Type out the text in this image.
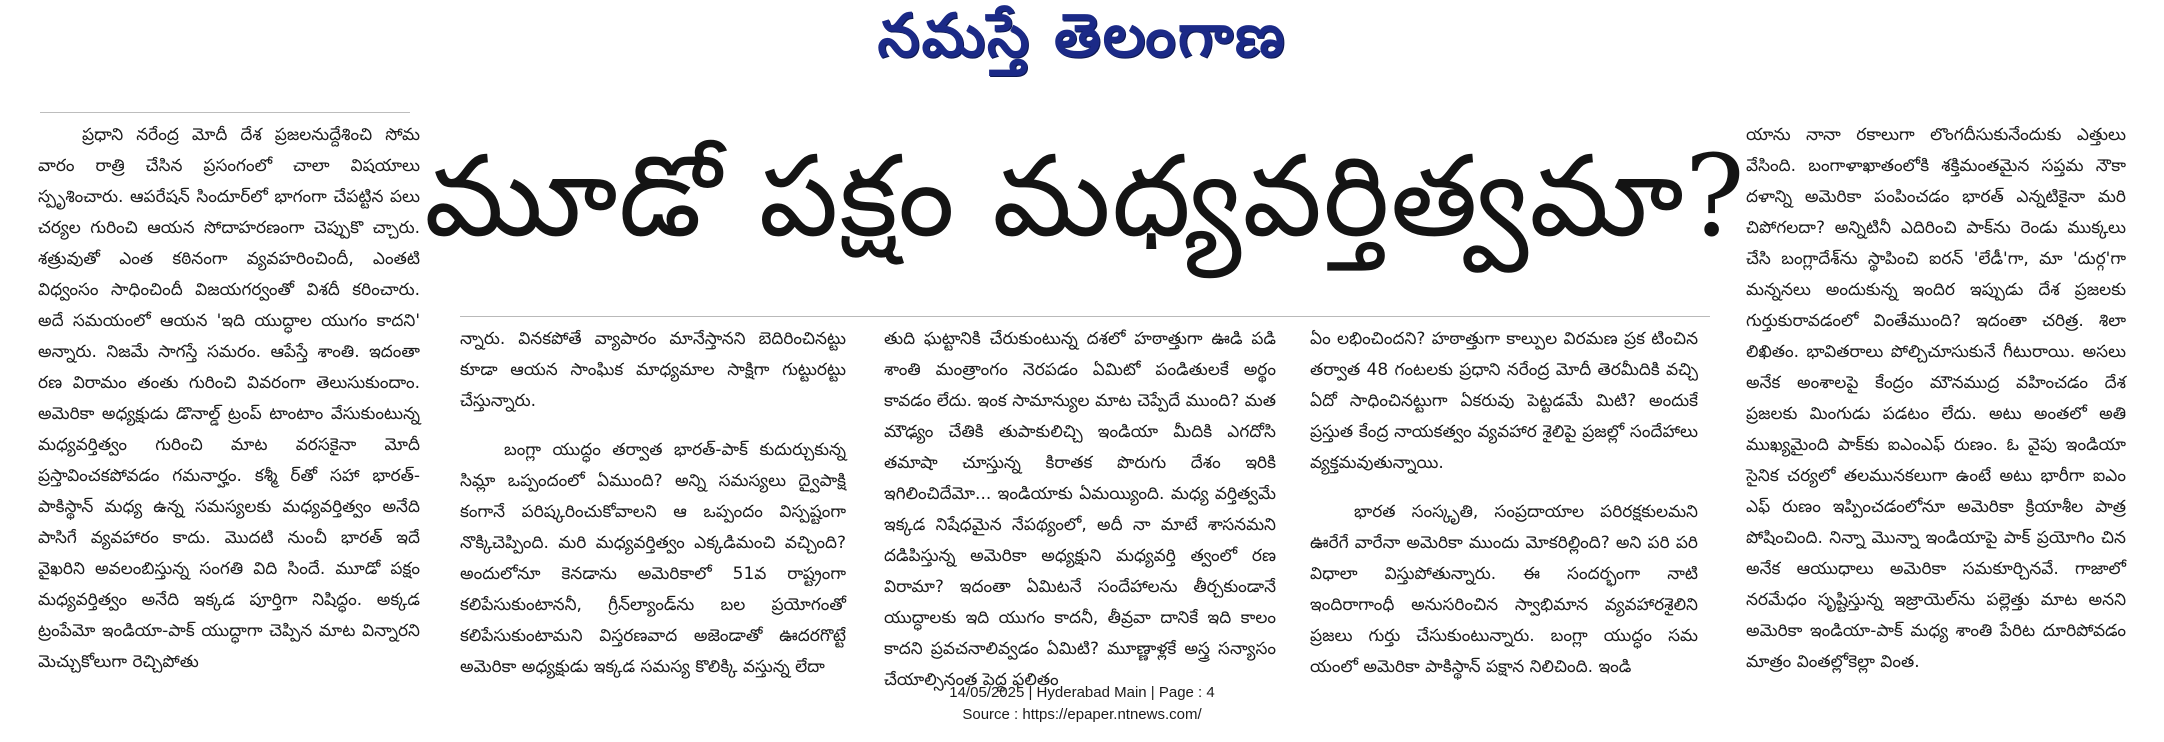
నమస్తే తెలంగాణ
మూడో పక్షం మధ్యవర్తిత్వమా?

ప్రధాని నరేంద్ర మోదీ దేశ ప్రజలనుద్దేశించి సోమ వారం రాత్రి చేసిన ప్రసంగంలో చాలా విషయాలు స్పృశించారు. ఆపరేషన్ సిందూర్‌లో భాగంగా చేపట్టిన పలు చర్యల గురించి ఆయన సోదాహరణంగా చెప్పుకొ చ్చారు. శత్రువుతో ఎంత కఠినంగా వ్యవహరించిందీ, ఎంతటి విధ్వంసం సాధించిందీ విజయగర్వంతో విశదీ కరించారు. అదే సమయంలో ఆయన 'ఇది యుద్ధాల యుగం కాదని' అన్నారు. నిజమే సాగస్తే సమరం. ఆపేస్తే శాంతి. ఇదంతా రణ విరామం తంతు గురించి వివరంగా తెలుసుకుందాం. అమెరికా అధ్యక్షుడు డొనాల్డ్ ట్రంప్ టాంటాం వేసుకుంటున్న మధ్యవర్తిత్వం గురించి మాట వరసకైనా మోదీ ప్రస్తావించకపోవడం గమనార్హం. కశ్మీ ర్‌తో సహా భారత్-పాకిస్థాన్ మధ్య ఉన్న సమస్యలకు మధ్యవర్తిత్వం అనేది పాసిగే వ్యవహారం కాదు. మొదటి నుంచీ భారత్ ఇదే వైఖరిని అవలంబిస్తున్న సంగతి విది సిందే. మూడో పక్షం మధ్యవర్తిత్వం అనేది ఇక్కడ పూర్తిగా నిషిద్ధం. అక్కడ ట్రంపేమో ఇండియా-పాక్ యుద్ధాగా చెప్పిన మాట విన్నారని మెచ్చుకోలుగా రెచ్చిపోతు

న్నారు. వినకపోతే వ్యాపారం మానేస్తానని బెదిరించినట్టు కూడా ఆయన సాంఘిక మాధ్యమాల సాక్షిగా గుట్టురట్టు చేస్తున్నారు.

బంగ్లా యుద్ధం తర్వాత భారత్-పాక్ కుదుర్చుకున్న సిమ్లా ఒప్పందంలో ఏముంది? అన్ని సమస్యలు ద్వైపాక్షి కంగానే పరిష్కరించుకోవాలని ఆ ఒప్పందం విస్పష్టంగా నొక్కిచెప్పింది. మరి మధ్యవర్తిత్వం ఎక్కడిమంచి వచ్చింది? అందులోనూ కెనడాను అమెరికాలో 51వ రాష్ట్రంగా కలిపేసుకుంటాననీ, గ్రీన్‌ల్యాండ్‌ను బల ప్రయోగంతో కలిపేసుకుంటామని విస్తరణవాద అజెండాతో ఊదరగొట్టే అమెరికా అధ్యక్షుడు ఇక్కడ సమస్య కొలిక్కి వస్తున్న లేదా

తుది ఘట్టానికి చేరుకుంటున్న దశలో హఠాత్తుగా ఊడి పడి శాంతి మంత్రాంగం నెరపడం ఏమిటో పండితులకే అర్థం కావడం లేదు. ఇంక సామాన్యుల మాట చెప్పేదే ముంది? మత మౌఢ్యం చేతికి తుపాకులిచ్చి ఇండియా మీదికి ఎగదోసి తమాషా చూస్తున్న కిరాతక పొరుగు దేశం ఇరికి ఇగిలించిదేమో... ఇండియాకు ఏమయ్యింది. మధ్య వర్తిత్వమే ఇక్కడ నిషేధమైన నేపథ్యంలో, అదీ నా మాటే శాసనమని దడిపిస్తున్న అమెరికా అధ్యక్షుని మధ్యవర్తి త్వంలో రణ విరామా? ఇదంతా ఏమిటనే సందేహాలను తీర్చకుండానే యుద్ధాలకు ఇది యుగం కాదనీ, తీవ్రవా దానికే ఇది కాలం కాదని ప్రవచనాలివ్వడం ఏమిటి? మూణ్ణాళ్లకే అస్త్ర సన్యాసం చేయాల్సినంత పెద్ద ఫలితం

ఏం లభించిందని? హఠాత్తుగా కాల్పుల విరమణ ప్రక టించిన తర్వాత 48 గంటలకు ప్రధాని నరేంద్ర మోదీ తెరమీదికి వచ్చి ఏదో సాధించినట్టుగా ఏకరువు పెట్టడమే మిటి? అందుకే ప్రస్తుత కేంద్ర నాయకత్వం వ్యవహార శైలిపై ప్రజల్లో సందేహాలు వ్యక్తమవుతున్నాయి.

భారత సంస్కృతి, సంప్రదాయాల పరిరక్షకులమని ఊరేగే వారేనా అమెరికా ముందు మోకరిల్లింది? అని పరి పరి విధాలా విస్తుపోతున్నారు. ఈ సందర్భంగా నాటి ఇందిరాగాంధీ అనుసరించిన స్వాభిమాన వ్యవహారశైలిని ప్రజలు గుర్తు చేసుకుంటున్నారు. బంగ్లా యుద్ధం సమ యంలో అమెరికా పాకిస్థాన్ పక్షాన నిలిచింది. ఇండి

యాను నానా రకాలుగా లొంగదీసుకునేందుకు ఎత్తులు వేసింది. బంగాళాఖాతంలోకి శక్తిమంతమైన సప్తమ నౌకా దళాన్ని అమెరికా పంపించడం భారత్ ఎన్నటికైనా మరి చిపోగలదా? అన్నిటినీ ఎదిరించి పాక్‌ను రెండు ముక్కలు చేసి బంగ్లాదేశ్‌ను స్థాపించి ఐరన్ 'లేడీ'గా, మా 'దుర్గ'గా మన్ననలు అందుకున్న ఇందిర ఇప్పుడు దేశ ప్రజలకు గుర్తుకురావడంలో వింతేముంది? ఇదంతా చరిత్ర. శిలా లిఖితం. భావితరాలు పోల్చిచూసుకునే గీటురాయి. అసలు అనేక అంశాలపై కేంద్రం మౌనముద్ర వహించడం దేశ ప్రజలకు మింగుడు పడటం లేదు. అటు అంతలో అతి ముఖ్యమైంది పాక్‌కు ఐఎంఎఫ్ రుణం. ఓ వైపు ఇండియా సైనిక చర్యలో తలమునకలుగా ఉంటే అటు భారీగా ఐఎం ఎఫ్ రుణం ఇప్పించడంలోనూ అమెరికా క్రియాశీల పాత్ర పోషించింది. నిన్నా మొన్నా ఇండియాపై పాక్ ప్రయోగిం చిన అనేక ఆయుధాలు అమెరికా సమకూర్చినవే. గాజాలో నరమేధం సృష్టిస్తున్న ఇజ్రాయెల్‌ను పల్లెత్తు మాట అనని అమెరికా ఇండియా-పాక్ మధ్య శాంతి పేరిట దూరిపోవడం మాత్రం వింతల్లోకెల్లా వింత.

14/05/2025 | Hyderabad Main | Page : 4
Source : https://epaper.ntnews.com/
